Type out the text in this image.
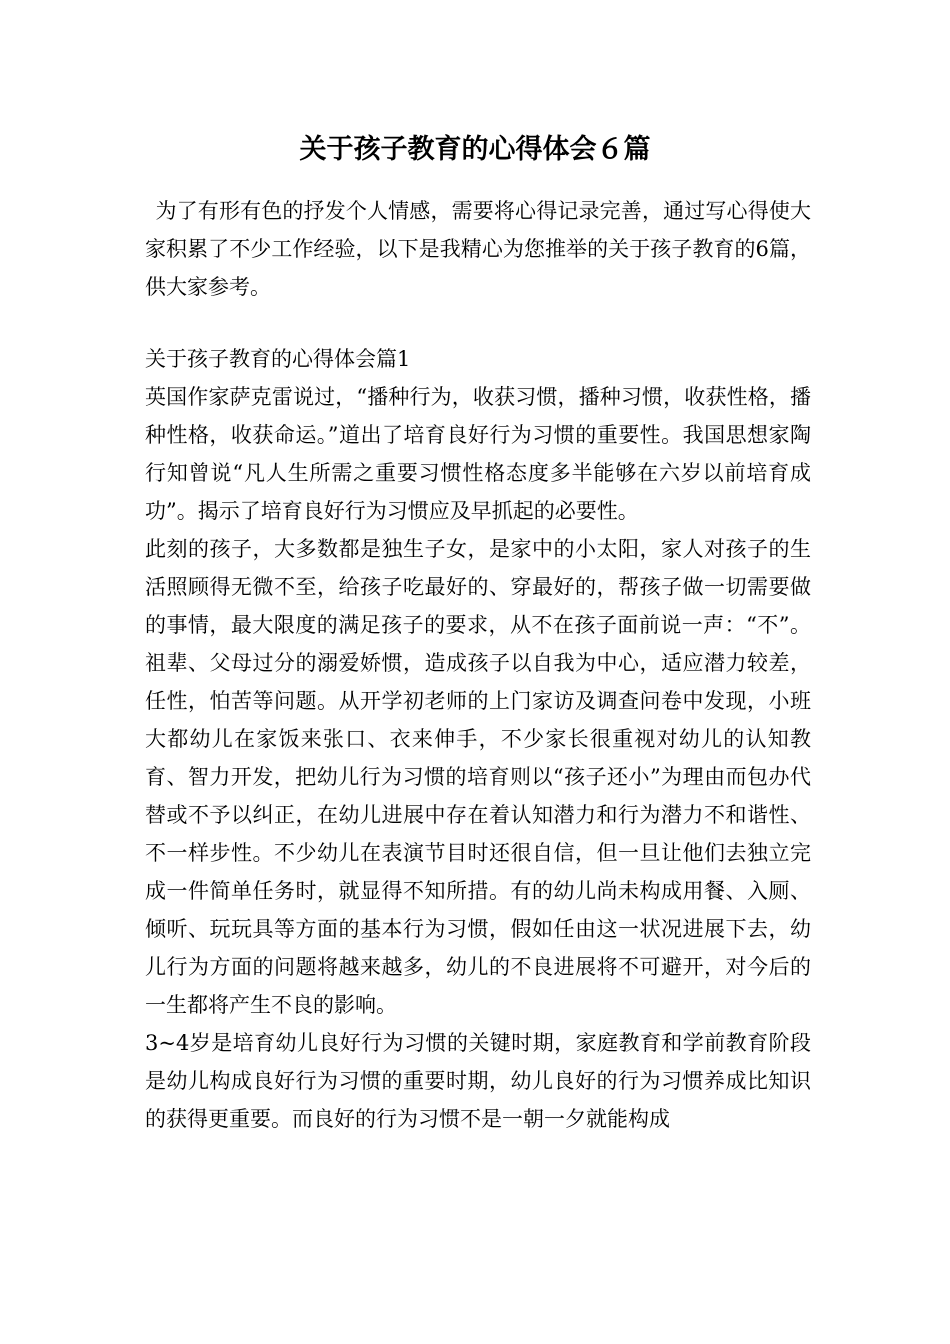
关于孩子教育的心得体会６篇

为了有形有色的抒发个人情感，需要将心得记录完善，通过写心得使大家积累了不少工作经验，以下是我精心为您推举的关于孩子教育的6篇，供大家参考。

关于孩子教育的心得体会篇1

英国作家萨克雷说过，“播种行为，收获习惯，播种习惯，收获性格，播种性格，收获命运。”道出了培育良好行为习惯的重要性。我国思想家陶行知曾说“凡人生所需之重要习惯性格态度多半能够在六岁以前培育成功”。揭示了培育良好行为习惯应及早抓起的必要性。

此刻的孩子，大多数都是独生子女，是家中的小太阳，家人对孩子的生活照顾得无微不至，给孩子吃最好的、穿最好的，帮孩子做一切需要做的事情，最大限度的满足孩子的要求，从不在孩子面前说一声：“不”。祖辈、父母过分的溺爱娇惯，造成孩子以自我为中心，适应潜力较差，任性，怕苦等问题。从开学初老师的上门家访及调查问卷中发现，小班大都幼儿在家饭来张口、衣来伸手，不少家长很重视对幼儿的认知教育、智力开发，把幼儿行为习惯的培育则以“孩子还小”为理由而包办代替或不予以纠正，在幼儿进展中存在着认知潜力和行为潜力不和谐性、不一样步性。不少幼儿在表演节目时还很自信，但一旦让他们去独立完成一件简单任务时，就显得不知所措。有的幼儿尚未构成用餐、入厕、倾听、玩玩具等方面的基本行为习惯，假如任由这一状况进展下去，幼儿行为方面的问题将越来越多，幼儿的不良进展将不可避开，对今后的一生都将产生不良的影响。

3~4岁是培育幼儿良好行为习惯的关键时期，家庭教育和学前教育阶段是幼儿构成良好行为习惯的重要时期，幼儿良好的行为习惯养成比知识的获得更重要。而良好的行为习惯不是一朝一夕就能构成
